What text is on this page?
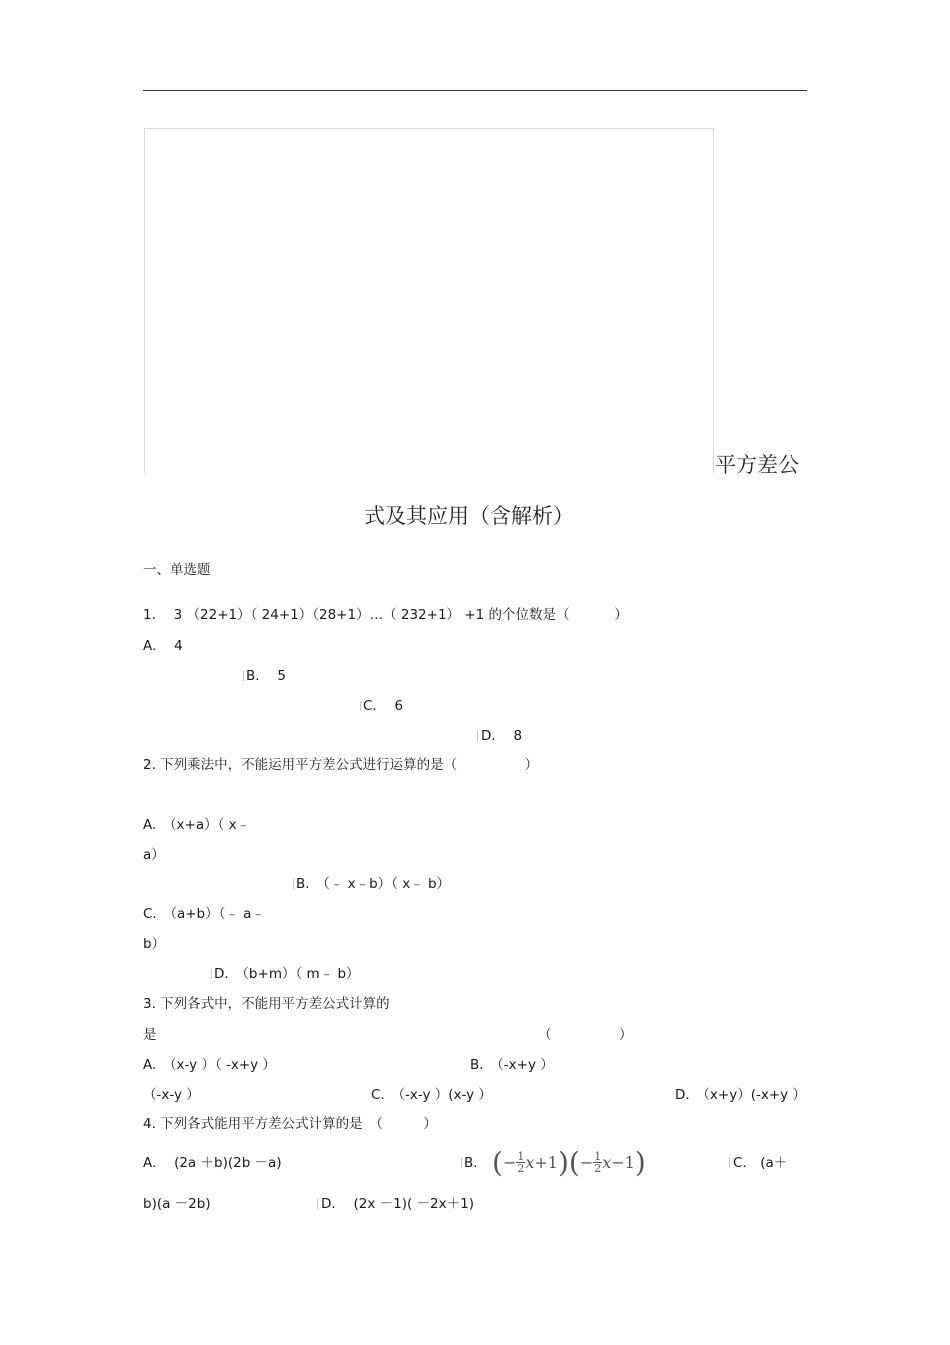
平方差公
式及其应用（含解析）
一、单选题
1.　 3 （22+1）（ 24+1）（28+1）…（ 232+1） +1 的个位数是（　　　 ）
A.　 4
B.　 5
C.　 6
D.　 8
2. 下列乘法中，不能运用平方差公式进行运算的是（　　　　　）
A.　（x+a）（ x﹣
a）
B.　（﹣ x﹣b）（ x﹣ b）
C.　（a+b）（﹣ a﹣
b）
D.　（b+m）（ m﹣ b）
3. 下列各式中，不能用平方差公式计算的
是	（　　　　　）
A.　（x-y ）（ -x+y ）	B.　（-x+y ）
（-x-y ）	C.　（-x-y ）(x-y ）	D.　（x+y）(-x+y ）
4. 下列各式能用平方差公式计算的是　（　　　）
A.　 (2a ＋b)(2b －a)	B. (− $\frac{1}{2} x+1)(- \frac{1}{2} x-1)$	C.　(a＋
b)(a －2b)	D.　 (2x －1)( －2x＋1)
